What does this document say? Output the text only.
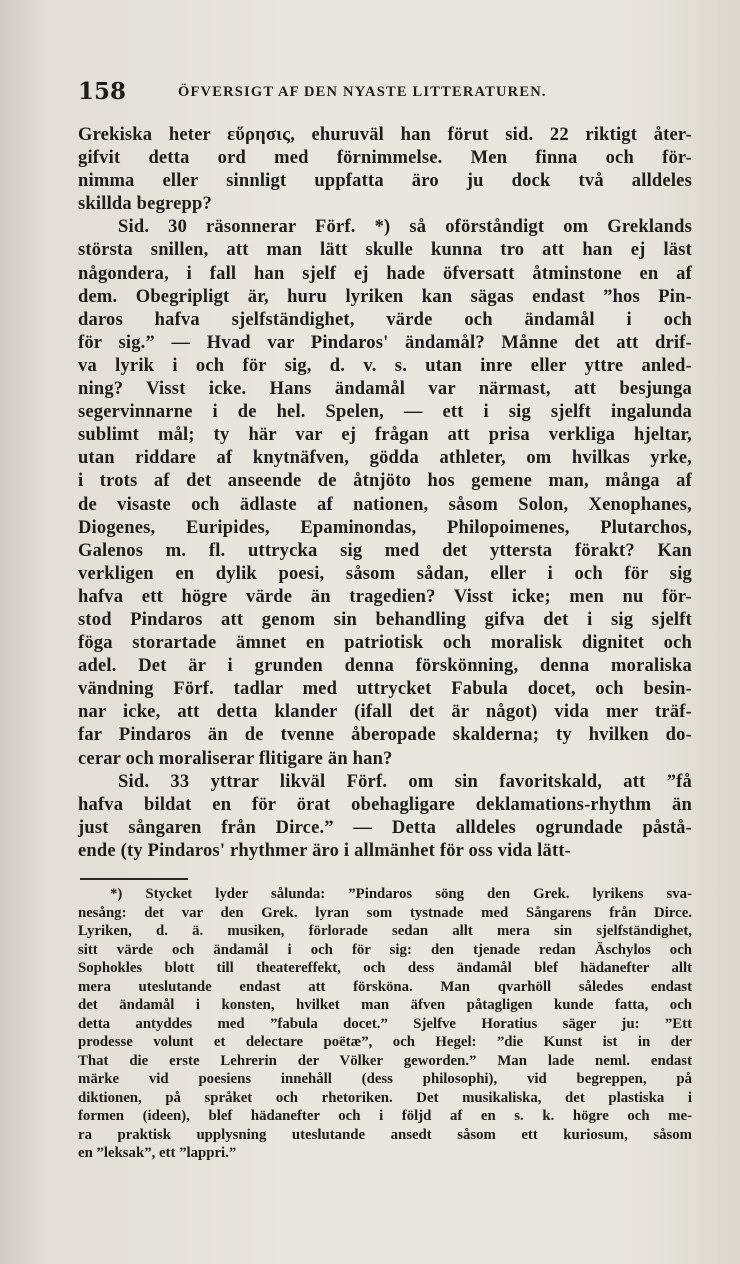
158	ÖFVERSIGT AF DEN NYASTE LITTERATUREN.
Grekiska heter εὕρησις, ehuruväl han förut sid. 22 riktigt åter-
gifvit detta ord med förnimmelse. Men finna och för-
nimma eller sinnligt uppfatta äro ju dock två alldeles
skillda begrepp?
Sid. 30 räsonnerar Förf. *) så oförståndigt om Greklands
största snillen, att man lätt skulle kunna tro att han ej läst
någondera, i fall han sjelf ej hade öfversatt åtminstone en af
dem. Obegripligt är, huru lyriken kan sägas endast ”hos Pin-
daros hafva sjelfständighet, värde och ändamål i och
för sig.” — Hvad var Pindaros' ändamål? Månne det att drif-
va lyrik i och för sig, d. v. s. utan inre eller yttre anled-
ning? Visst icke. Hans ändamål var närmast, att besjunga
segervinnarne i de hel. Spelen, — ett i sig sjelft ingalunda
sublimt mål; ty här var ej frågan att prisa verkliga hjeltar,
utan riddare af knytnäfven, gödda athleter, om hvilkas yrke,
i trots af det anseende de åtnjöto hos gemene man, många af
de visaste och ädlaste af nationen, såsom Solon, Xenophanes,
Diogenes, Euripides, Epaminondas, Philopoimenes, Plutarchos,
Galenos m. fl. uttrycka sig med det yttersta förakt? Kan
verkligen en dylik poesi, såsom sådan, eller i och för sig
hafva ett högre värde än tragedien? Visst icke; men nu för-
stod Pindaros att genom sin behandling gifva det i sig sjelft
föga storartade ämnet en patriotisk och moralisk dignitet och
adel. Det är i grunden denna förskönning, denna moraliska
vändning Förf. tadlar med uttrycket Fabula docet, och besin-
nar icke, att detta klander (ifall det är något) vida mer träf-
far Pindaros än de tvenne åberopade skalderna; ty hvilken do-
cerar och moraliserar flitigare än han?
Sid. 33 yttrar likväl Förf. om sin favoritskald, att ”få
hafva bildat en för örat obehagligare deklamations-rhythm än
just sångaren från Dirce.” — Detta alldeles ogrundade påstå-
ende (ty Pindaros' rhythmer äro i allmänhet för oss vida lätt-
*) Stycket lyder sålunda: ”Pindaros söng den Grek. lyrikens sva-
nesång: det var den Grek. lyran som tystnade med Sångarens från Dirce.
Lyriken, d. ä. musiken, förlorade sedan allt mera sin sjelfständighet,
sitt värde och ändamål i och för sig: den tjenade redan Äschylos och
Sophokles blott till theatereffekt, och dess ändamål blef hädanefter allt
mera uteslutande endast att försköna. Man qvarhöll således endast
det ändamål i konsten, hvilket man äfven påtagligen kunde fatta, och
detta antyddes med ”fabula docet.” Sjelfve Horatius säger ju: ”Ett
prodesse volunt et delectare poëtæ”, och Hegel: ”die Kunst ist in der
That die erste Lehrerin der Völker geworden.” Man lade neml. endast
märke vid poesiens innehåll (dess philosophi), vid begreppen, på
diktionen, på språket och rhetoriken. Det musikaliska, det plastiska i
formen (ideen), blef hädanefter och i följd af en s. k. högre och me-
ra praktisk upplysning uteslutande ansedt såsom ett kuriosum, såsom
en ”leksak”, ett ”lappri.”
